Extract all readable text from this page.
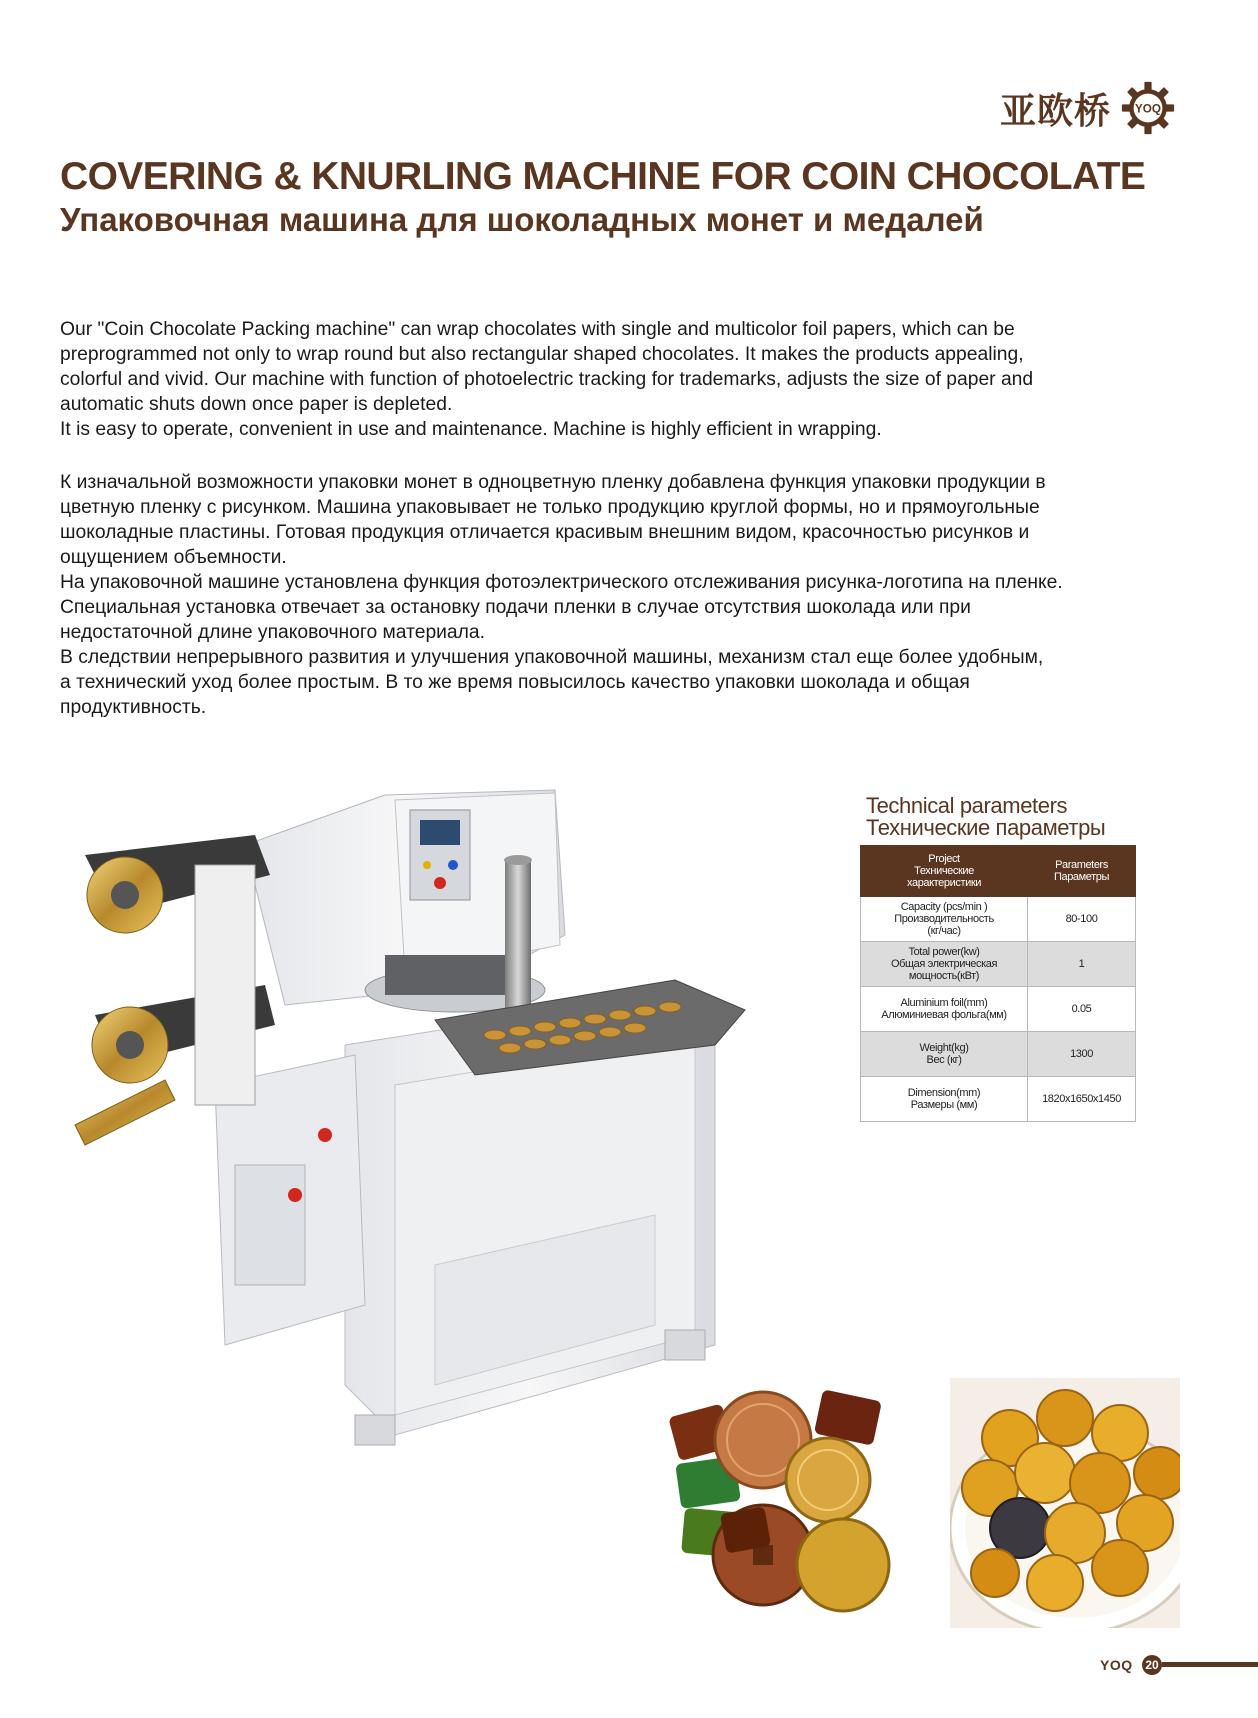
亚欧桥 YOQ
COVERING & KNURLING MACHINE FOR COIN CHOCOLATE
Упаковочная машина для шоколадных монет и медалей

Our "Coin Chocolate Packing machine" can wrap chocolates with single and multicolor foil papers, which can be
preprogrammed not only to wrap round but also rectangular shaped chocolates. It makes the products appealing,
colorful and vivid. Our machine with function of photoelectric tracking for trademarks, adjusts the size of paper and
automatic shuts down once paper is depleted.
It is easy to operate, convenient in use and maintenance. Machine is highly efficient in wrapping.

К изначальной возможности упаковки монет в одноцветную пленку добавлена функция упаковки продукции в
цветную пленку с рисунком. Машина упаковывает не только продукцию круглой формы, но и прямоугольные
шоколадные пластины. Готовая продукция отличается красивым внешним видом, красочностью рисунков и
ощущением объемности.
На упаковочной машине установлена функция фотоэлектрического отслеживания рисунка-логотипа на пленке.
Специальная установка отвечает за остановку подачи пленки в случае отсутствия шоколада или при
недостаточной длине упаковочного материала.
В следствии непрерывного развития и улучшения упаковочной машины, механизм стал еще более удобным,
а технический уход более простым. В то же время повысилось качество упаковки шоколада и общая
продуктивность.

Technical parameters
Технические параметры
Project
Технические
характеристики	Parameters
Параметры

Capacity (pcs/min )
Производительность
(кг/час)	80-100

Total power(kw)
Общая электрическая
мощность(кВт)	1

Aluminium foil(mm)
Алюминиевая фольга(мм)	0.05

Weight(kg)
Вес (кг)	1300

Dimension(mm)
Размеры (мм)	1820x1650x1450
YOQ 20
